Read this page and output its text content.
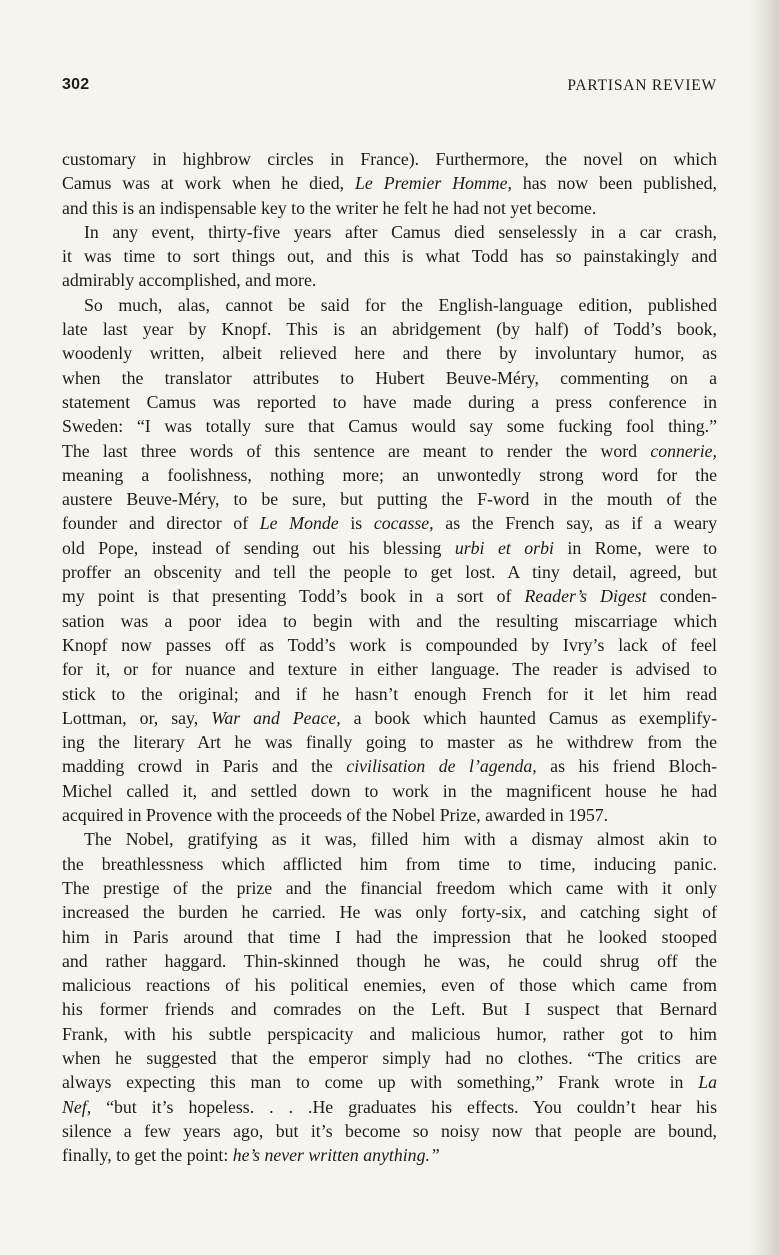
302	PARTISAN REVIEW
customary in highbrow circles in France). Furthermore, the novel on which
Camus was at work when he died, Le Premier Homme, has now been published,
and this is an indispensable key to the writer he felt he had not yet become.
In any event, thirty-five years after Camus died senselessly in a car crash,
it was time to sort things out, and this is what Todd has so painstakingly and
admirably accomplished, and more.
So much, alas, cannot be said for the English-language edition, published
late last year by Knopf. This is an abridgement (by half) of Todd’s book,
woodenly written, albeit relieved here and there by involuntary humor, as
when the translator attributes to Hubert Beuve-Méry, commenting on a
statement Camus was reported to have made during a press conference in
Sweden: “I was totally sure that Camus would say some fucking fool thing.”
The last three words of this sentence are meant to render the word connerie,
meaning a foolishness, nothing more; an unwontedly strong word for the
austere Beuve-Méry, to be sure, but putting the F-word in the mouth of the
founder and director of Le Monde is cocasse, as the French say, as if a weary
old Pope, instead of sending out his blessing urbi et orbi in Rome, were to
proffer an obscenity and tell the people to get lost. A tiny detail, agreed, but
my point is that presenting Todd’s book in a sort of Reader’s Digest conden-
sation was a poor idea to begin with and the resulting miscarriage which
Knopf now passes off as Todd’s work is compounded by Ivry’s lack of feel
for it, or for nuance and texture in either language. The reader is advised to
stick to the original; and if he hasn’t enough French for it let him read
Lottman, or, say, War and Peace, a book which haunted Camus as exemplify-
ing the literary Art he was finally going to master as he withdrew from the
madding crowd in Paris and the civilisation de l’agenda, as his friend Bloch-
Michel called it, and settled down to work in the magnificent house he had
acquired in Provence with the proceeds of the Nobel Prize, awarded in 1957.
The Nobel, gratifying as it was, filled him with a dismay almost akin to
the breathlessness which afflicted him from time to time, inducing panic.
The prestige of the prize and the financial freedom which came with it only
increased the burden he carried. He was only forty-six, and catching sight of
him in Paris around that time I had the impression that he looked stooped
and rather haggard. Thin-skinned though he was, he could shrug off the
malicious reactions of his political enemies, even of those which came from
his former friends and comrades on the Left. But I suspect that Bernard
Frank, with his subtle perspicacity and malicious humor, rather got to him
when he suggested that the emperor simply had no clothes. “The critics are
always expecting this man to come up with something,” Frank wrote in La
Nef, “but it’s hopeless. . . .He graduates his effects. You couldn’t hear his
silence a few years ago, but it’s become so noisy now that people are bound,
finally, to get the point: he’s never written anything.”
